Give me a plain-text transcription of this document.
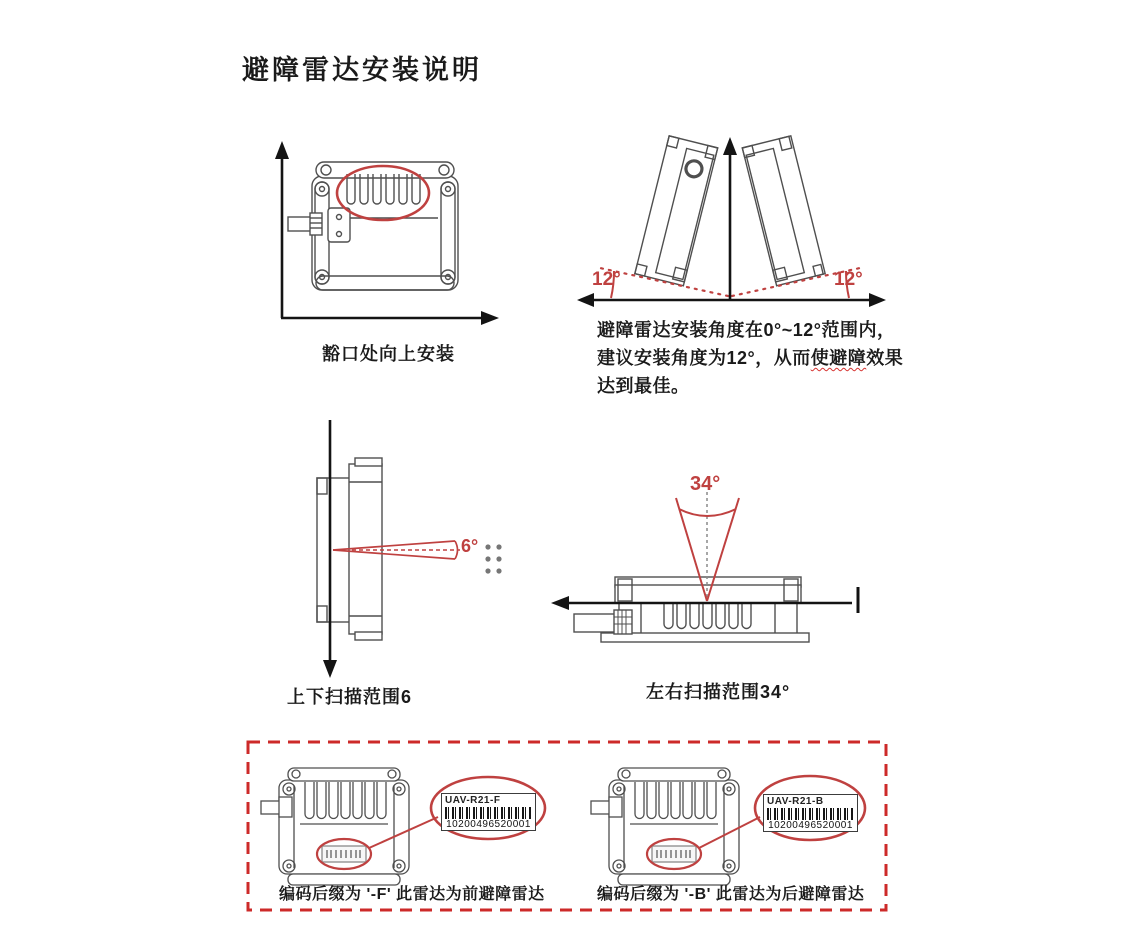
避障雷达安装说明
豁口处向上安装
12°	12°
避障雷达安装角度在0°~12°范围内，
建议安装角度为12°，从而使避障效果
达到最佳。
6°
上下扫描范围6
34°
左右扫描范围34°
UAV-R21-F
10200496520001
UAV-R21-B
10200496520001
编码后缀为 '-F' 此雷达为前避障雷达	编码后缀为 '-B' 此雷达为后避障雷达
